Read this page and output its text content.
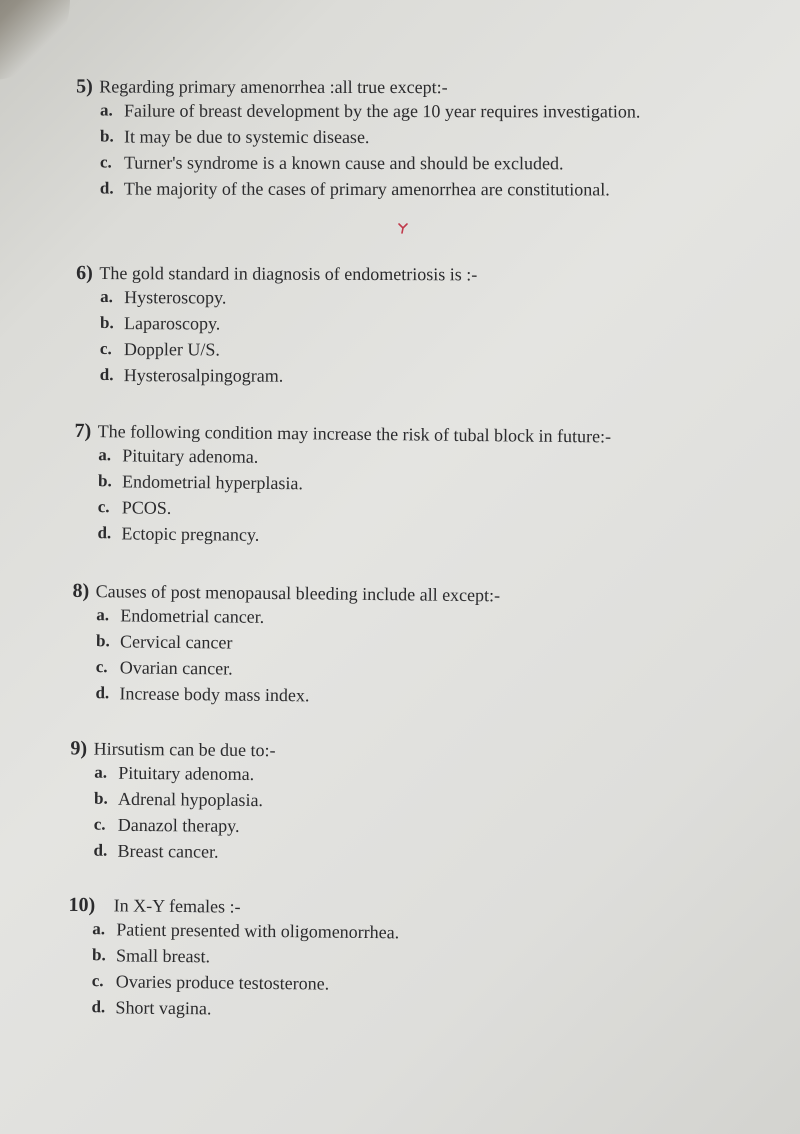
5) Regarding primary amenorrhea :all true except:-
a. Failure of breast development by the age 10 year requires investigation.
b. It may be due to systemic disease.
c. Turner's syndrome is a known cause and should be excluded.
d. The majority of the cases of primary amenorrhea are constitutional.
6) The gold standard in diagnosis of endometriosis is :-
a. Hysteroscopy.
b. Laparoscopy.
c. Doppler U/S.
d. Hysterosalpingogram.
7) The following condition may increase the risk of tubal block in future:-
a. Pituitary adenoma.
b. Endometrial hyperplasia.
c. PCOS.
d. Ectopic pregnancy.
8) Causes of post menopausal bleeding include all except:-
a. Endometrial cancer.
b. Cervical cancer
c. Ovarian cancer.
d. Increase body mass index.
9) Hirsutism can be due to:-
a. Pituitary adenoma.
b. Adrenal hypoplasia.
c. Danazol therapy.
d. Breast cancer.
10) In X-Y females :-
a. Patient presented with oligomenorrhea.
b. Small breast.
c. Ovaries produce testosterone.
d. Short vagina.
